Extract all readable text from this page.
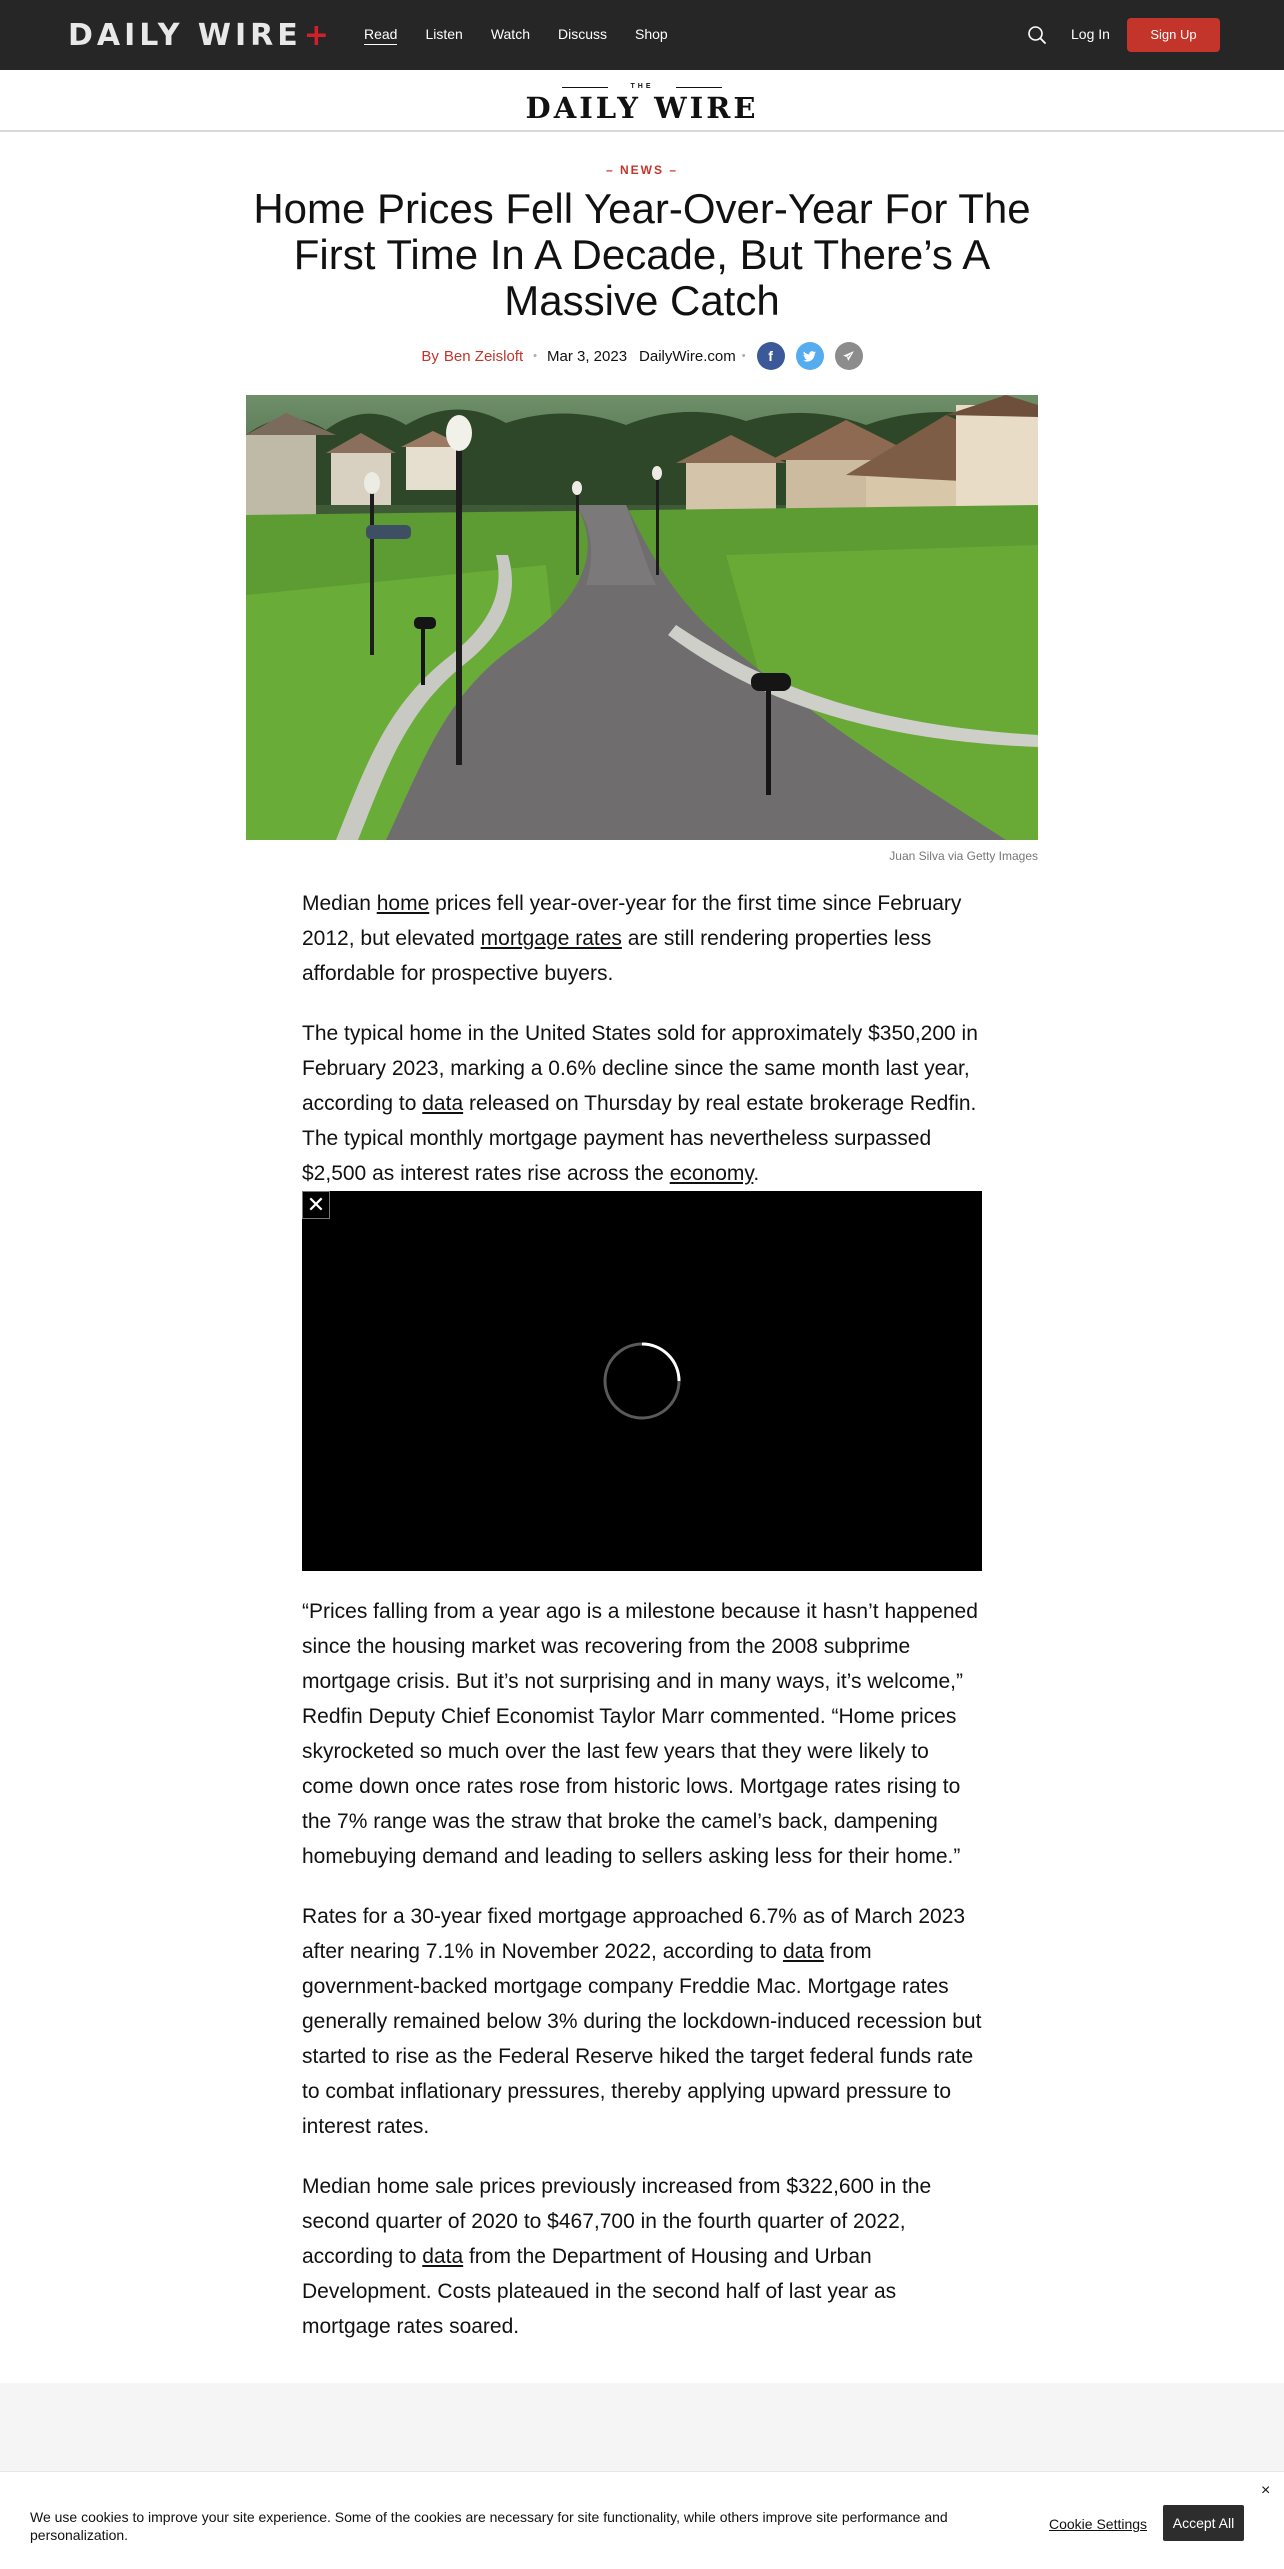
DAILY WIRE+ Read Listen Watch Discuss Shop	Log In	Sign Up
THE
DAILY WIRE
– NEWS –
Home Prices Fell Year-Over-Year For The First Time In A Decade, But There’s A Massive Catch
By Ben Zeisloft • Mar 3, 2023 DailyWire.com •	f
Juan Silva via Getty Images

Median home prices fell year-over-year for the first time since February 2012, but elevated mortgage rates are still rendering properties less affordable for prospective buyers.

The typical home in the United States sold for approximately $350,200 in February 2023, marking a 0.6% decline since the same month last year, according to data released on Thursday by real estate brokerage Redfin. The typical monthly mortgage payment has nevertheless surpassed $2,500 as interest rates rise across the economy.

✕

“Prices falling from a year ago is a milestone because it hasn’t happened since the housing market was recovering from the 2008 subprime mortgage crisis. But it’s not surprising and in many ways, it’s welcome,” Redfin Deputy Chief Economist Taylor Marr commented. “Home prices skyrocketed so much over the last few years that they were likely to come down once rates rose from historic lows. Mortgage rates rising to the 7% range was the straw that broke the camel’s back, dampening homebuying demand and leading to sellers asking less for their home.”

Rates for a 30-year fixed mortgage approached 6.7% as of March 2023 after nearing 7.1% in November 2022, according to data from government-backed mortgage company Freddie Mac. Mortgage rates generally remained below 3% during the lockdown-induced recession but started to rise as the Federal Reserve hiked the target federal funds rate to combat inflationary pressures, thereby applying upward pressure to interest rates.

Median home sale prices previously increased from $322,600 in the second quarter of 2020 to $467,700 in the fourth quarter of 2022, according to data from the Department of Housing and Urban Development. Costs plateaued in the second half of last year as mortgage rates soared.

We use cookies to improve your site experience. Some of the cookies are necessary for site functionality, while others improve site performance and personalization.
Cookie Settings	Accept All
×
